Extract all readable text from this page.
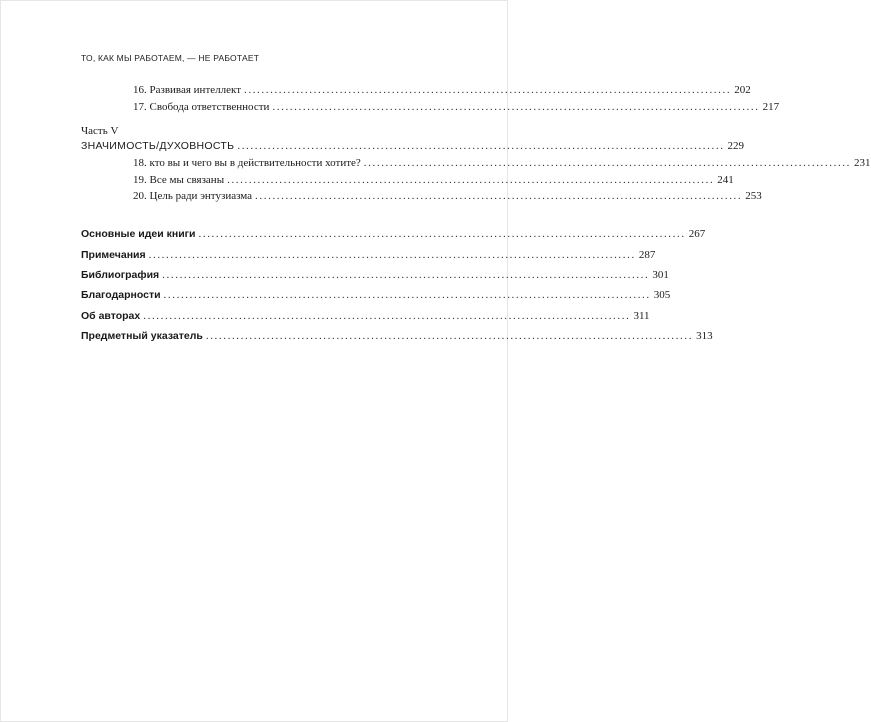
ТО, КАК МЫ РАБОТАЕМ, — НЕ РАБОТАЕТ
16. Развивая интеллект ................................................................................................................ 202
17. Свобода ответственности ................................................................................................................ 217
Часть V
ЗНАЧИМОСТЬ/ДУХОВНОСТЬ ................................................................................................................ 229
18. кто вы и чего вы в действительности хотите? ................................................................................................................ 231
19. Все мы связаны ................................................................................................................ 241
20. Цель ради энтузиазма ................................................................................................................ 253
Основные идеи книги ................................................................................................................ 267
Примечания ................................................................................................................ 287
Библиография ................................................................................................................ 301
Благодарности ................................................................................................................ 305
Об авторах ................................................................................................................ 311
Предметный указатель ................................................................................................................ 313
